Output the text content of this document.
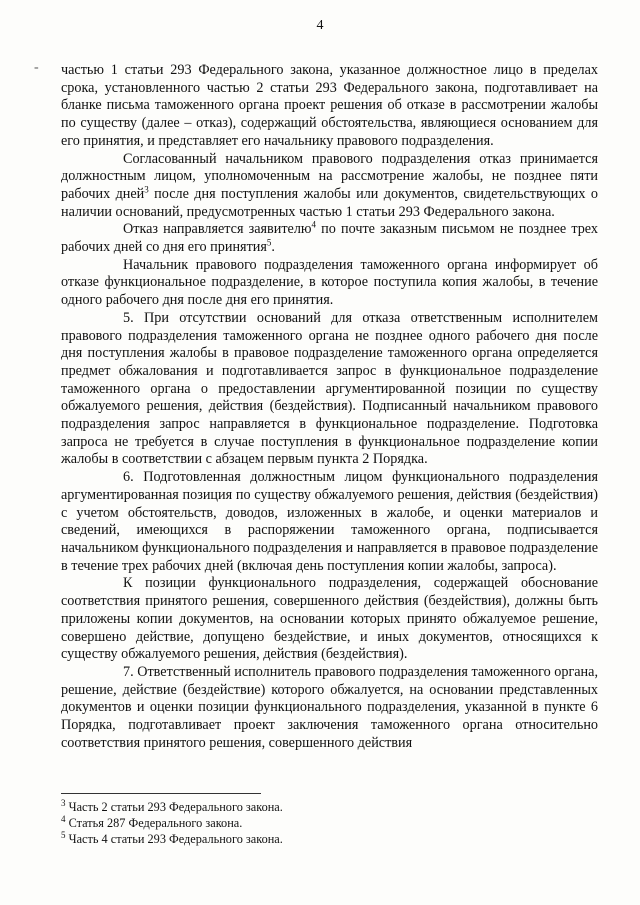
4
- частью 1 статьи 293 Федерального закона, указанное должностное лицо в пределах срока, установленного частью 2 статьи 293 Федерального закона, подготавливает на бланке письма таможенного органа проект решения об отказе в рассмотрении жалобы по существу (далее – отказ), содержащий обстоятельства, являющиеся основанием для его принятия, и представляет его начальнику правового подразделения.

Согласованный начальником правового подразделения отказ принимается должностным лицом, уполномоченным на рассмотрение жалобы, не позднее пяти рабочих дней$^3$ после дня поступления жалобы или документов, свидетельствующих о наличии оснований, предусмотренных частью 1 статьи 293 Федерального закона.

Отказ направляется заявителю$^4$ по почте заказным письмом не позднее трех рабочих дней со дня его принятия$^5$.

Начальник правового подразделения таможенного органа информирует об отказе функциональное подразделение, в которое поступила копия жалобы, в течение одного рабочего дня после дня его принятия.

5. При отсутствии оснований для отказа ответственным исполнителем правового подразделения таможенного органа не позднее одного рабочего дня после дня поступления жалобы в правовое подразделение таможенного органа определяется предмет обжалования и подготавливается запрос в функциональное подразделение таможенного органа о предоставлении аргументированной позиции по существу обжалуемого решения, действия (бездействия). Подписанный начальником правового подразделения запрос направляется в функциональное подразделение. Подготовка запроса не требуется в случае поступления в функциональное подразделение копии жалобы в соответствии с абзацем первым пункта 2 Порядка.

6. Подготовленная должностным лицом функционального подразделения аргументированная позиция по существу обжалуемого решения, действия (бездействия) с учетом обстоятельств, доводов, изложенных в жалобе, и оценки материалов и сведений, имеющихся в распоряжении таможенного органа, подписывается начальником функционального подразделения и направляется в правовое подразделение в течение трех рабочих дней (включая день поступления копии жалобы, запроса).

К позиции функционального подразделения, содержащей обоснование соответствия принятого решения, совершенного действия (бездействия), должны быть приложены копии документов, на основании которых принято обжалуемое решение, совершено действие, допущено бездействие, и иных документов, относящихся к существу обжалуемого решения, действия (бездействия).

7. Ответственный исполнитель правового подразделения таможенного органа, решение, действие (бездействие) которого обжалуется, на основании представленных документов и оценки позиции функционального подразделения, указанной в пункте 6 Порядка, подготавливает проект заключения таможенного органа относительно соответствия принятого решения, совершенного действия

$^3$ Часть 2 статьи 293 Федерального закона.
$^4$ Статья 287 Федерального закона.
$^5$ Часть 4 статьи 293 Федерального закона.
